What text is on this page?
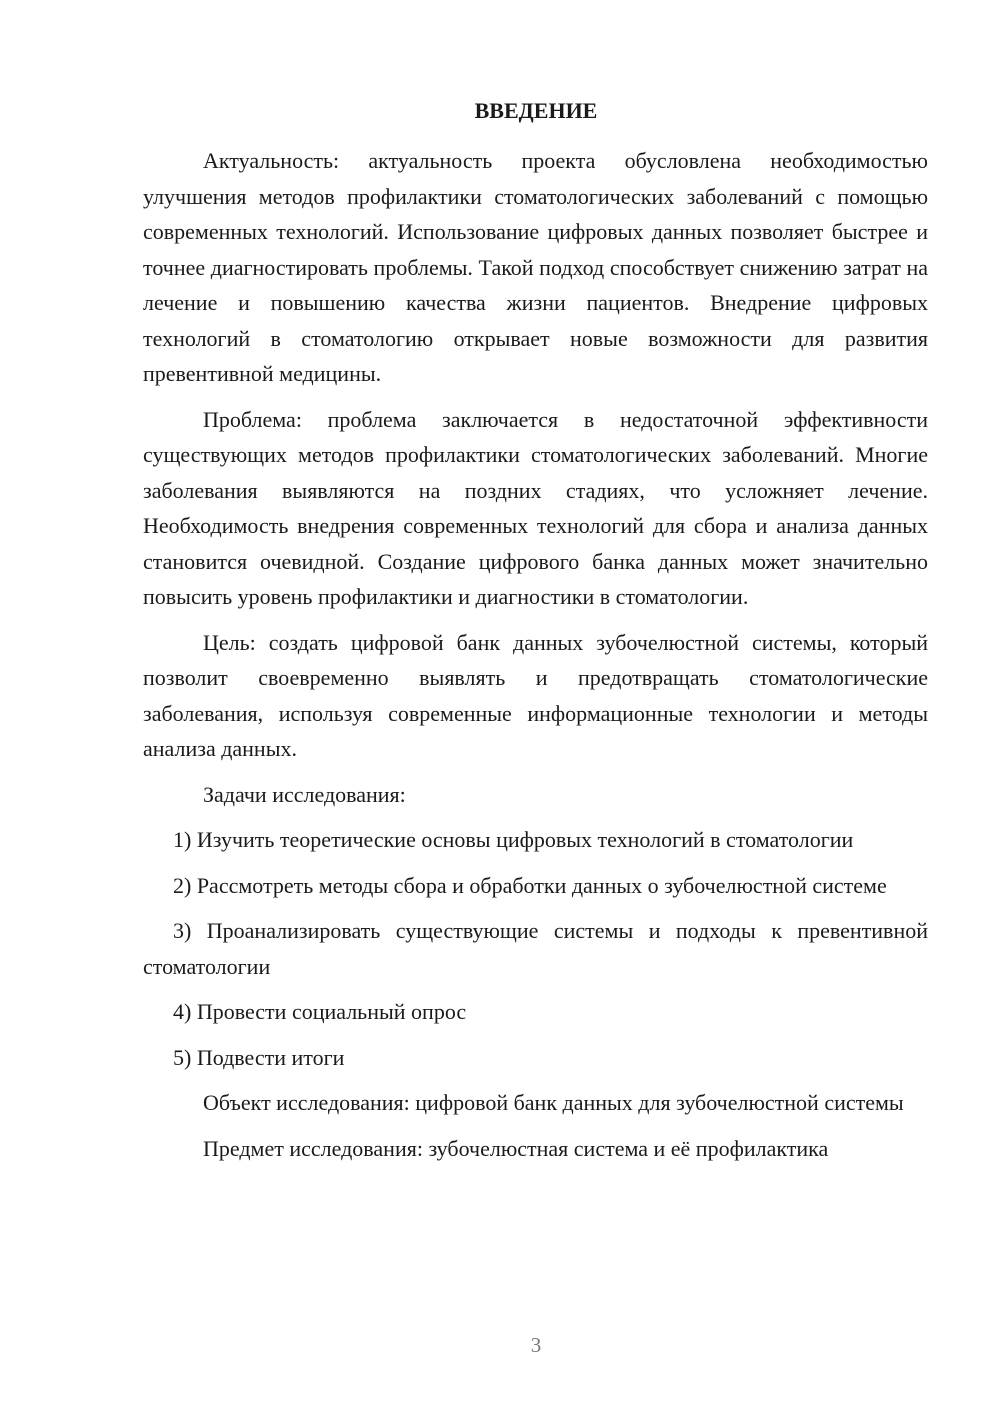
ВВЕДЕНИЕ

Актуальность: актуальность проекта обусловлена необходимостью улучшения методов профилактики стоматологических заболеваний с помощью современных технологий. Использование цифровых данных позволяет быстрее и точнее диагностировать проблемы. Такой подход способствует снижению затрат на лечение и повышению качества жизни пациентов. Внедрение цифровых технологий в стоматологию открывает новые возможности для развития превентивной медицины.

Проблема: проблема заключается в недостаточной эффективности существующих методов профилактики стоматологических заболеваний. Многие заболевания выявляются на поздних стадиях, что усложняет лечение. Необходимость внедрения современных технологий для сбора и анализа данных становится очевидной. Создание цифрового банка данных может значительно повысить уровень профилактики и диагностики в стоматологии.

Цель: создать цифровой банк данных зубочелюстной системы, который позволит своевременно выявлять и предотвращать стоматологические заболевания, используя современные информационные технологии и методы анализа данных.

Задачи исследования:

1) Изучить теоретические основы цифровых технологий в стоматологии

2) Рассмотреть методы сбора и обработки данных о зубочелюстной системе

3) Проанализировать существующие системы и подходы к превентивной стоматологии

4) Провести социальный опрос

5) Подвести итоги

Объект исследования: цифровой банк данных для зубочелюстной системы

Предмет исследования: зубочелюстная система и её профилактика

3
